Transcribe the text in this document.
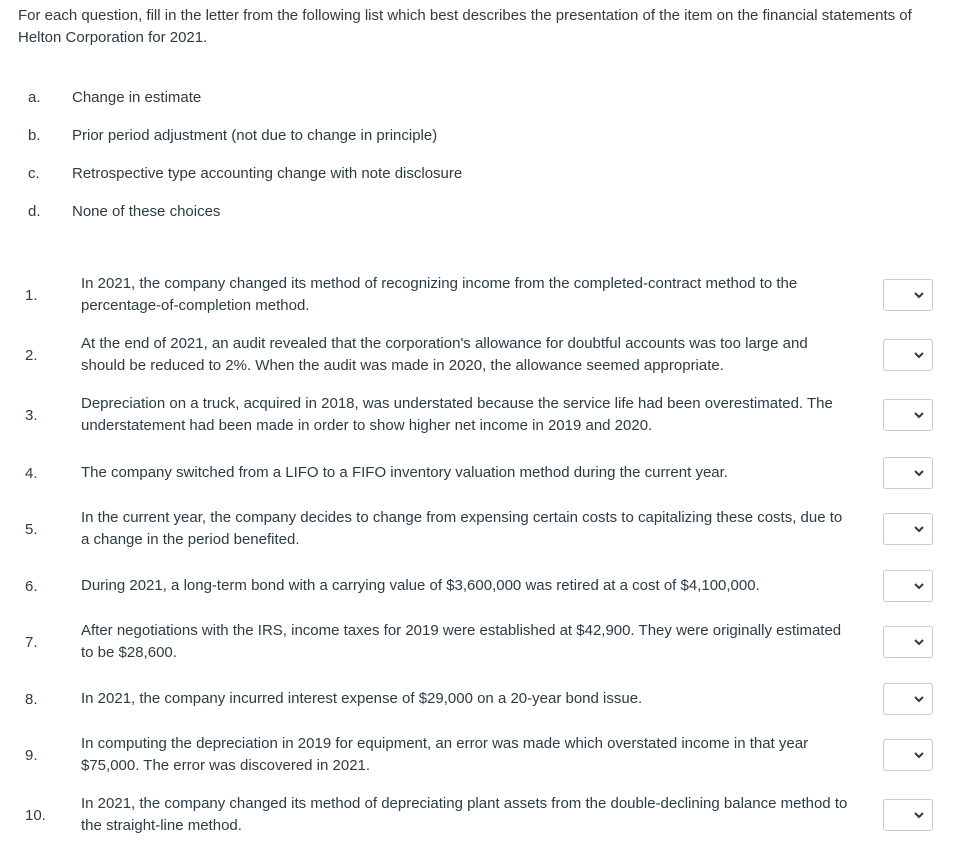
For each question, fill in the letter from the following list which best describes the presentation of the item on the financial statements of Helton Corporation for 2021.
a.	Change in estimate
b.	Prior period adjustment (not due to change in principle)
c.	Retrospective type accounting change with note disclosure
d.	None of these choices
1.
In 2021, the company changed its method of recognizing income from the completed-contract method to the percentage-of-completion method.
2.
At the end of 2021, an audit revealed that the corporation's allowance for doubtful accounts was too large and should be reduced to 2%. When the audit was made in 2020, the allowance seemed appropriate.
3.
Depreciation on a truck, acquired in 2018, was understated because the service life had been overestimated. The understatement had been made in order to show higher net income in 2019 and 2020.
4.	The company switched from a LIFO to a FIFO inventory valuation method during the current year.
5.
In the current year, the company decides to change from expensing certain costs to capitalizing these costs, due to a change in the period benefited.
6.	During 2021, a long-term bond with a carrying value of $3,600,000 was retired at a cost of $4,100,000.
7.
After negotiations with the IRS, income taxes for 2019 were established at $42,900. They were originally estimated to be $28,600.
8.	In 2021, the company incurred interest expense of $29,000 on a 20-year bond issue.
9.
In computing the depreciation in 2019 for equipment, an error was made which overstated income in that year $75,000. The error was discovered in 2021.
10.
In 2021, the company changed its method of depreciating plant assets from the double-declining balance method to the straight-line method.
